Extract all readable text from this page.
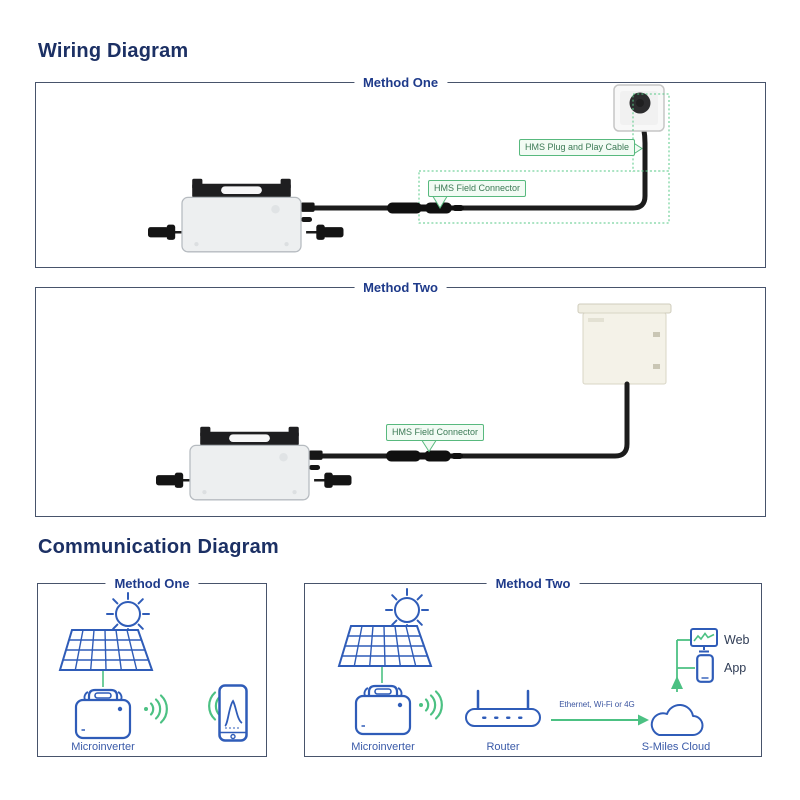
Wiring Diagram
Method One
HMS Plug and Play Cable
HMS Field Connector
Method Two
HMS Field Connector
Communication Diagram
Method One
Microinverter
Method Two
Ethernet, Wi-Fi or 4G
Microinverter	Router	S-Miles Cloud
Web
App
